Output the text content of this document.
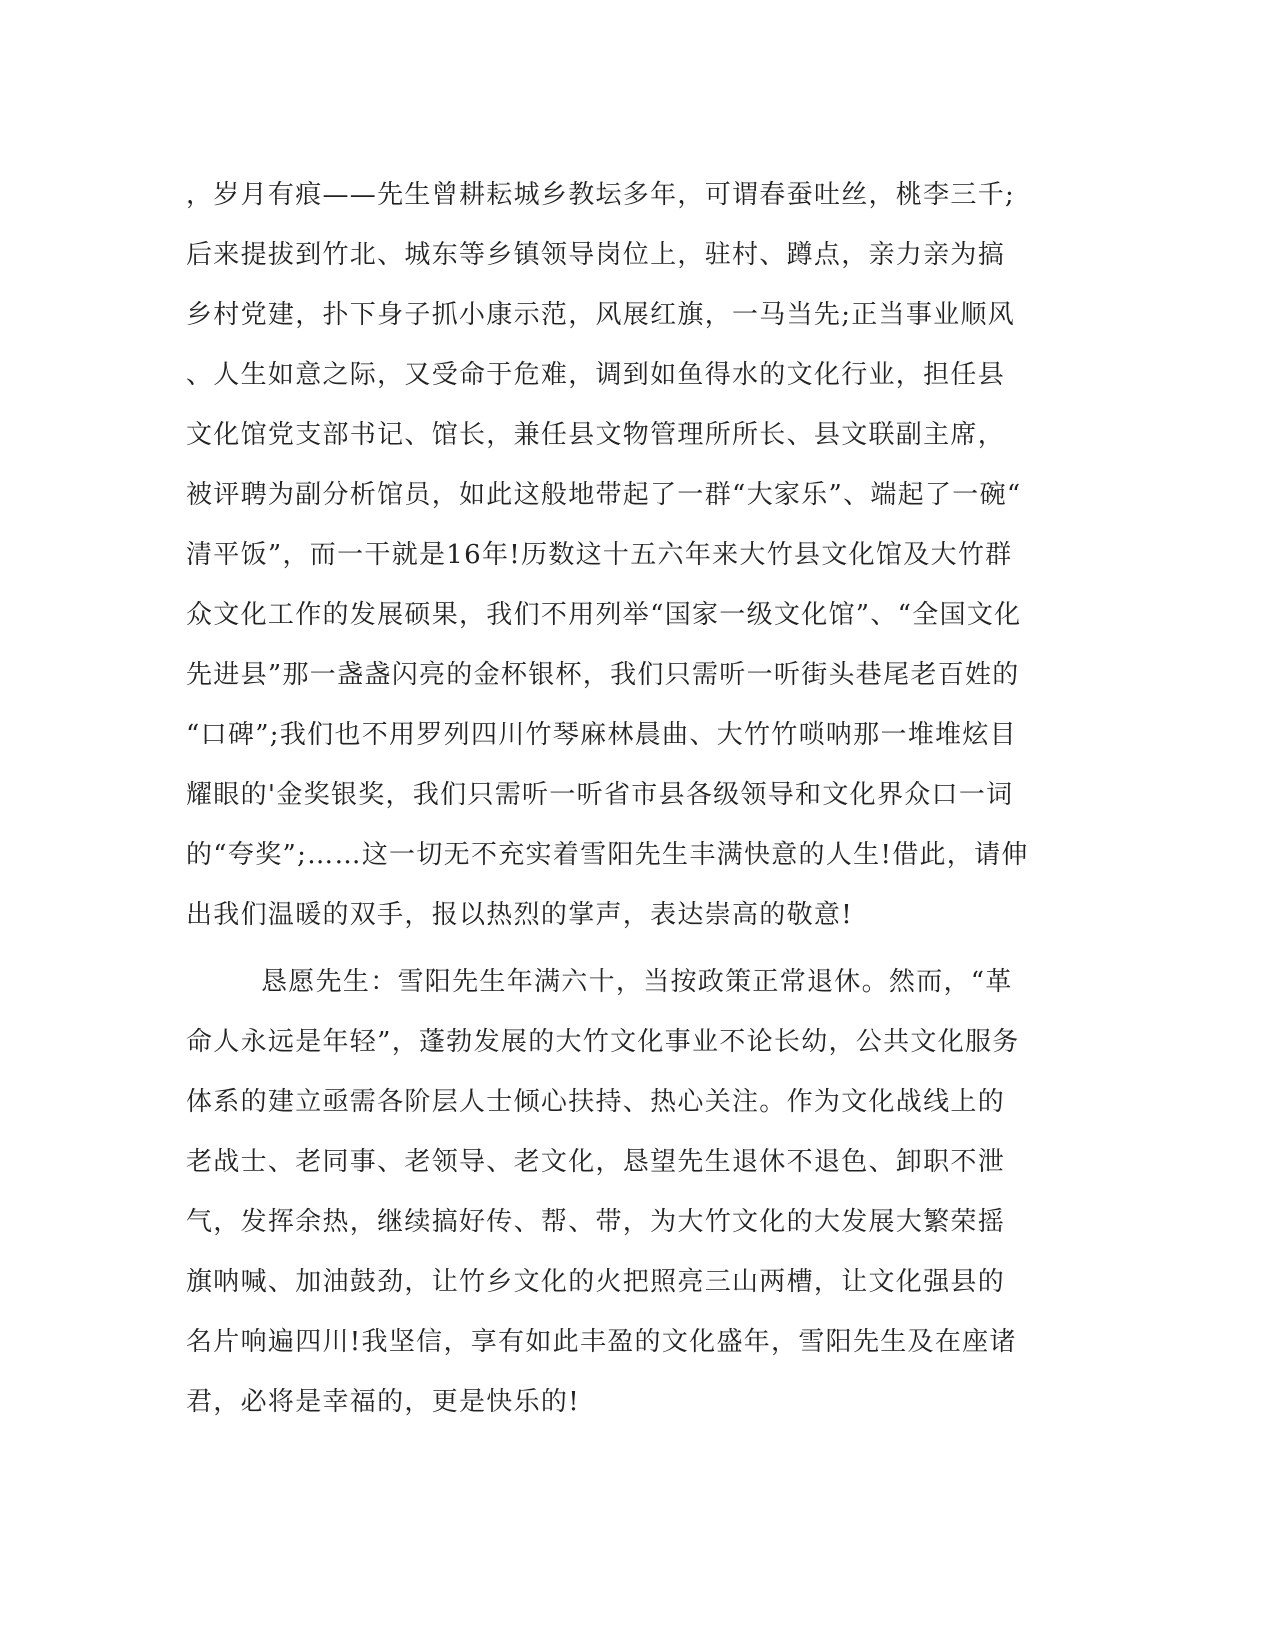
，岁月有痕——先生曾耕耘城乡教坛多年，可谓春蚕吐丝，桃李三千;
后来提拔到竹北、城东等乡镇领导岗位上，驻村、蹲点，亲力亲为搞
乡村党建，扑下身子抓小康示范，风展红旗，一马当先;正当事业顺风
、人生如意之际，又受命于危难，调到如鱼得水的文化行业，担任县
文化馆党支部书记、馆长，兼任县文物管理所所长、县文联副主席，
被评聘为副分析馆员，如此这般地带起了一群“大家乐”、端起了一碗“
清平饭”，而一干就是16年!历数这十五六年来大竹县文化馆及大竹群
众文化工作的发展硕果，我们不用列举“国家一级文化馆”、“全国文化
先进县”那一盏盏闪亮的金杯银杯，我们只需听一听街头巷尾老百姓的
“口碑”;我们也不用罗列四川竹琴麻林晨曲、大竹竹唢呐那一堆堆炫目
耀眼的'金奖银奖，我们只需听一听省市县各级领导和文化界众口一词
的“夸奖”;……这一切无不充实着雪阳先生丰满快意的人生!借此，请伸
出我们温暖的双手，报以热烈的掌声，表达崇高的敬意!
恳愿先生：雪阳先生年满六十，当按政策正常退休。然而，“革
命人永远是年轻”，蓬勃发展的大竹文化事业不论长幼，公共文化服务
体系的建立亟需各阶层人士倾心扶持、热心关注。作为文化战线上的
老战士、老同事、老领导、老文化，恳望先生退休不退色、卸职不泄
气，发挥余热，继续搞好传、帮、带，为大竹文化的大发展大繁荣摇
旗呐喊、加油鼓劲，让竹乡文化的火把照亮三山两槽，让文化强县的
名片响遍四川!我坚信，享有如此丰盈的文化盛年，雪阳先生及在座诸
君，必将是幸福的，更是快乐的!
